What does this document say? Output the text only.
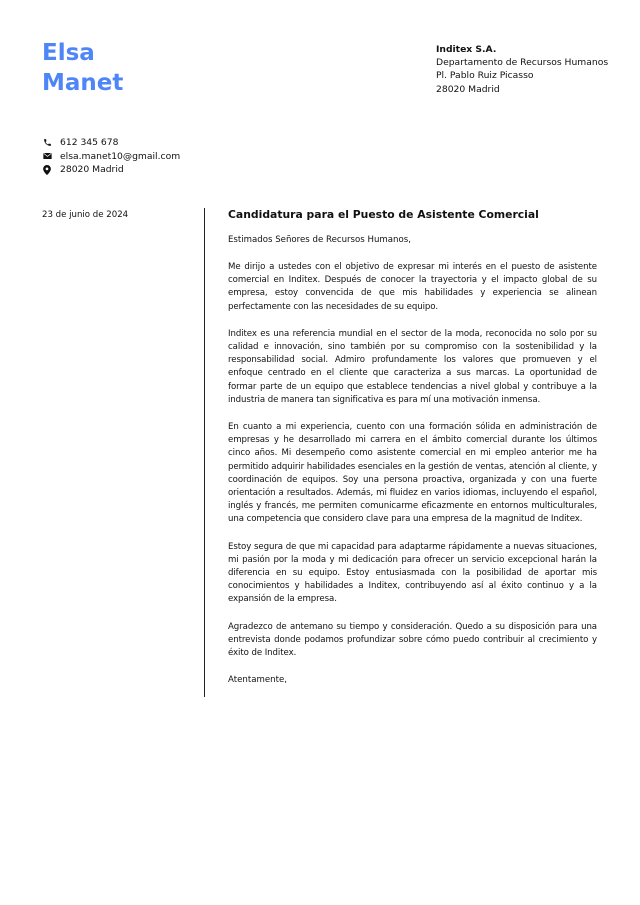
Elsa
Manet
Inditex S.A.
Departamento de Recursos Humanos
Pl. Pablo Ruiz Picasso
28020 Madrid
612 345 678
elsa.manet10@gmail.com
28020 Madrid
23 de junio de 2024	Candidatura para el Puesto de Asistente Comercial

Estimados Señores de Recursos Humanos,

Me dirijo a ustedes con el objetivo de expresar mi interés en el puesto de asistente comercial en Inditex. Después de conocer la trayectoria y el impacto global de su empresa, estoy convencida de que mis habilidades y experiencia se alinean perfectamente con las necesidades de su equipo.

Inditex es una referencia mundial en el sector de la moda, reconocida no solo por su calidad e innovación, sino también por su compromiso con la sostenibilidad y la responsabilidad social. Admiro profundamente los valores que promueven y el enfoque centrado en el cliente que caracteriza a sus marcas. La oportunidad de formar parte de un equipo que establece tendencias a nivel global y contribuye a la industria de manera tan significativa es para mí una motivación inmensa.

En cuanto a mi experiencia, cuento con una formación sólida en administración de empresas y he desarrollado mi carrera en el ámbito comercial durante los últimos cinco años. Mi desempeño como asistente comercial en mi empleo anterior me ha permitido adquirir habilidades esenciales en la gestión de ventas, atención al cliente, y coordinación de equipos. Soy una persona proactiva, organizada y con una fuerte orientación a resultados. Además, mi fluidez en varios idiomas, incluyendo el español, inglés y francés, me permiten comunicarme eficazmente en entornos multiculturales, una competencia que considero clave para una empresa de la magnitud de Inditex.

Estoy segura de que mi capacidad para adaptarme rápidamente a nuevas situaciones, mi pasión por la moda y mi dedicación para ofrecer un servicio excepcional harán la diferencia en su equipo. Estoy entusiasmada con la posibilidad de aportar mis conocimientos y habilidades a Inditex, contribuyendo así al éxito continuo y a la expansión de la empresa.

Agradezco de antemano su tiempo y consideración. Quedo a su disposición para una entrevista donde podamos profundizar sobre cómo puedo contribuir al crecimiento y éxito de Inditex.

Atentamente,
